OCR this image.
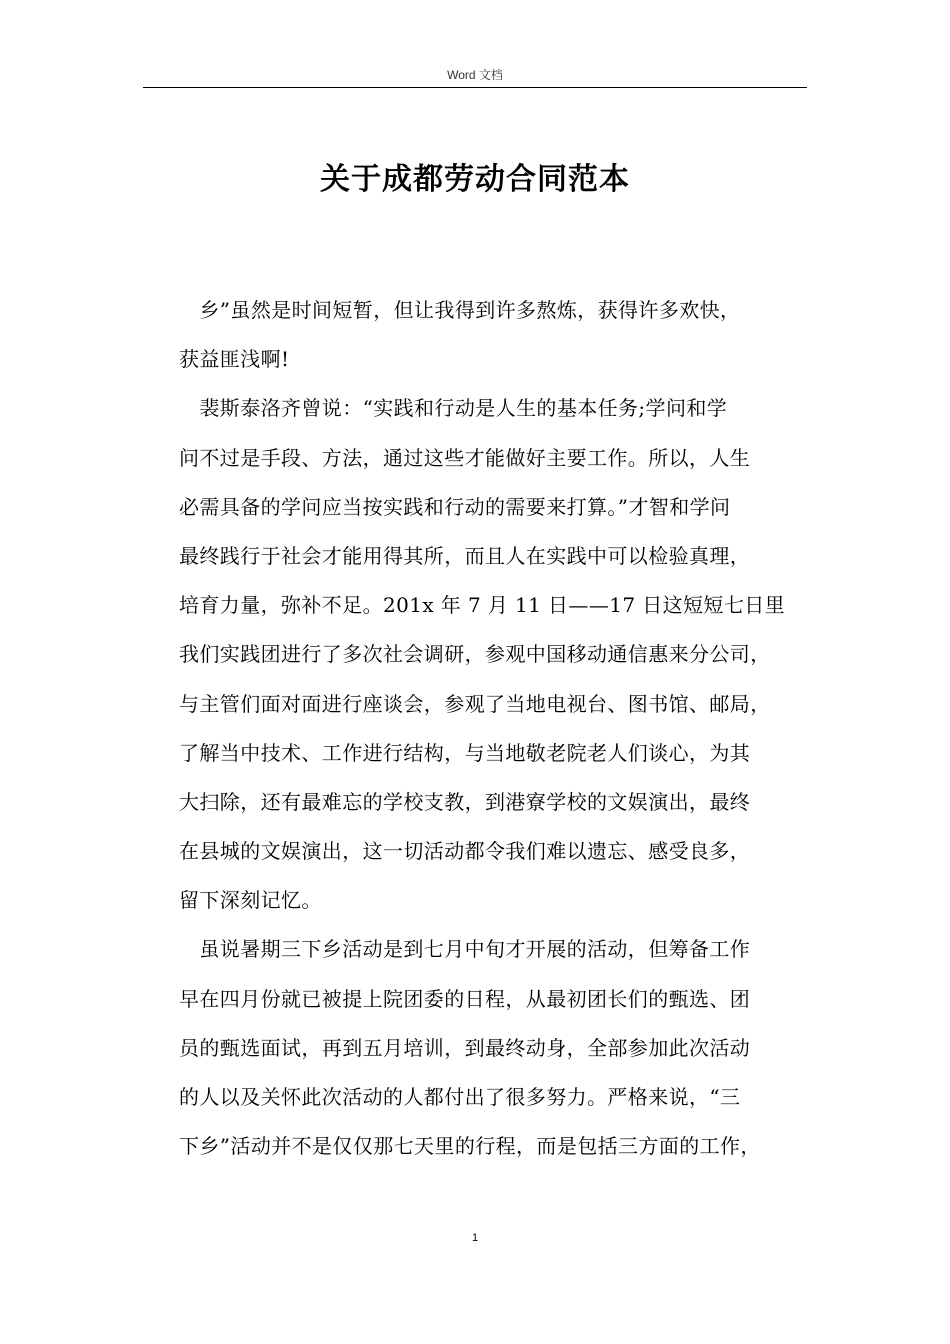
Word 文档
关于成都劳动合同范本
　乡”虽然是时间短暂，但让我得到许多熬炼，获得许多欢快，
获益匪浅啊!
　裴斯泰洛齐曾说：“实践和行动是人生的基本任务;学问和学
问不过是手段、方法，通过这些才能做好主要工作。所以，人生
必需具备的学问应当按实践和行动的需要来打算。”才智和学问
最终践行于社会才能用得其所，而且人在实践中可以检验真理，
培育力量，弥补不足。201x 年 7 月 11 日——17 日这短短七日里
我们实践团进行了多次社会调研，参观中国移动通信惠来分公司，
与主管们面对面进行座谈会，参观了当地电视台、图书馆、邮局，
了解当中技术、工作进行结构，与当地敬老院老人们谈心，为其
大扫除，还有最难忘的学校支教，到港寮学校的文娱演出，最终
在县城的文娱演出，这一切活动都令我们难以遗忘、感受良多，
留下深刻记忆。
　虽说暑期三下乡活动是到七月中旬才开展的活动，但筹备工作
早在四月份就已被提上院团委的日程，从最初团长们的甄选、团
员的甄选面试，再到五月培训，到最终动身，全部参加此次活动
的人以及关怀此次活动的人都付出了很多努力。严格来说，“三
下乡”活动并不是仅仅那七天里的行程，而是包括三方面的工作，
1
